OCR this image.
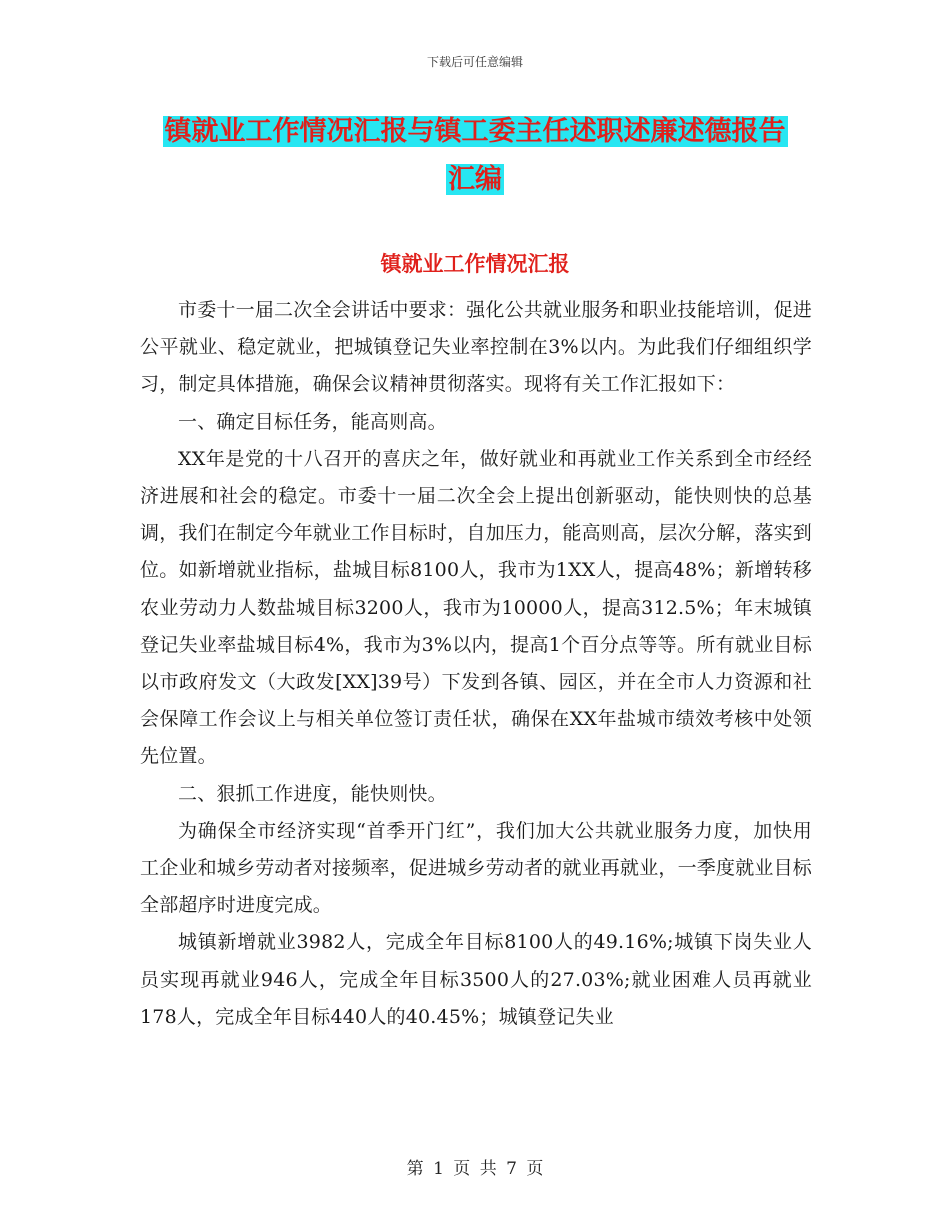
下载后可任意编辑
镇就业工作情况汇报与镇工委主任述职述廉述德报告
汇编
镇就业工作情况汇报

市委十一届二次全会讲话中要求：强化公共就业服务和职业技能培训，促进公平就业、稳定就业，把城镇登记失业率控制在3%以内。为此我们仔细组织学习，制定具体措施，确保会议精神贯彻落实。现将有关工作汇报如下：

一、确定目标任务，能高则高。

XX年是党的十八召开的喜庆之年，做好就业和再就业工作关系到全市经经济进展和社会的稳定。市委十一届二次全会上提出创新驱动，能快则快的总基调，我们在制定今年就业工作目标时，自加压力，能高则高，层次分解，落实到位。如新增就业指标，盐城目标8100人，我市为1XX人，提高48%；新增转移农业劳动力人数盐城目标3200人，我市为10000人，提高312.5%；年末城镇登记失业率盐城目标4%，我市为3%以内，提高1个百分点等等。所有就业目标以市政府发文（大政发[XX]39号）下发到各镇、园区，并在全市人力资源和社会保障工作会议上与相关单位签订责任状，确保在XX年盐城市绩效考核中处领先位置。

二、狠抓工作进度，能快则快。

为确保全市经济实现“首季开门红”，我们加大公共就业服务力度，加快用工企业和城乡劳动者对接频率，促进城乡劳动者的就业再就业，一季度就业目标全部超序时进度完成。

城镇新增就业3982人，完成全年目标8100人的49.16%;城镇下岗失业人员实现再就业946人，完成全年目标3500人的27.03%;就业困难人员再就业178人，完成全年目标440人的40.45%；城镇登记失业

第 1 页 共 7 页
